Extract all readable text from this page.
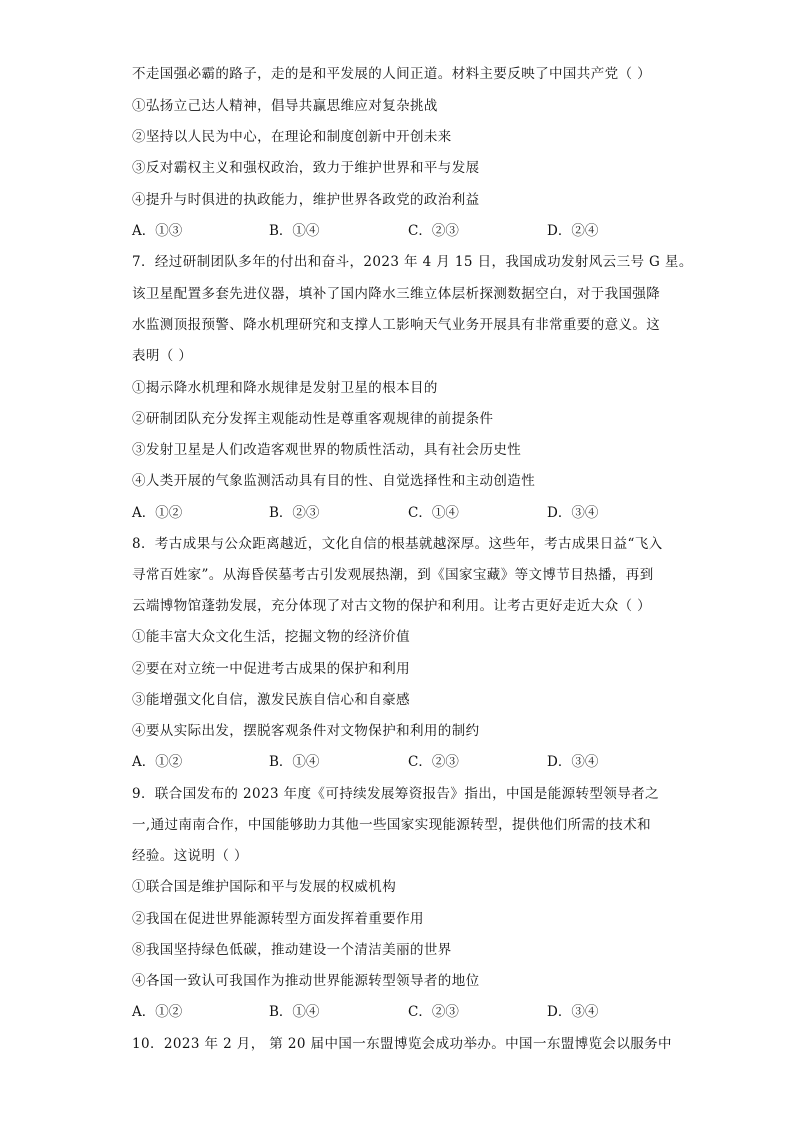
不走国强必霸的路子，走的是和平发展的人间正道。材料主要反映了中国共产党（ ）
①弘扬立己达人精神，倡导共赢思维应对复杂挑战
②坚持以人民为中心，在理论和制度创新中开创未来
③反对霸权主义和强权政治，致力于维护世界和平与发展
④提升与时俱进的执政能力，维护世界各政党的政治利益
A．①③	B．①④	C．②③	D．②④
7．经过研制团队多年的付出和奋斗，2023 年 4 月 15 日，我国成功发射风云三号 G 星。
该卫星配置多套先进仪器，填补了国内降水三维立体层析探测数据空白，对于我国强降
水监测顶报预警、降水机理研究和支撑人工影响天气业务开展具有非常重要的意义。这
表明（ ）
①揭示降水机理和降水规律是发射卫星的根本目的
②研制团队充分发挥主观能动性是尊重客观规律的前提条件
③发射卫星是人们改造客观世界的物质性活动，具有社会历史性
④人类开展的气象监测活动具有目的性、自觉选择性和主动创造性
A．①②	B．②③	C．①④	D．③④
8．考古成果与公众距离越近，文化自信的根基就越深厚。这些年，考古成果日益“飞入
寻常百姓家”。从海昏侯墓考古引发观展热潮，到《国家宝藏》等文博节目热播，再到
云端博物馆蓬勃发展，充分体现了对古文物的保护和利用。让考古更好走近大众（ ）
①能丰富大众文化生活，挖掘文物的经济价值
②要在对立统一中促进考古成果的保护和利用
③能增强文化自信，激发民族自信心和自豪感
④要从实际出发，摆脱客观条件对文物保护和利用的制约
A．①②	B．①④	C．②③	D．③④
9．联合国发布的 2023 年度《可持续发展筹资报告》指出，中国是能源转型领导者之
一,通过南南合作，中国能够助力其他一些国家实现能源转型，提供他们所需的技术和
经验。这说明（ ）
①联合国是维护国际和平与发展的权威机构
②我国在促进世界能源转型方面发挥着重要作用
⑧我国坚持绿色低碳，推动建设一个清洁美丽的世界
④各国一致认可我国作为推动世界能源转型领导者的地位
A．①②	B．①④	C．②③	D．③④
10．2023 年 2 月， 第 20 届中国一东盟博览会成功举办。中国一东盟博览会以服务中
